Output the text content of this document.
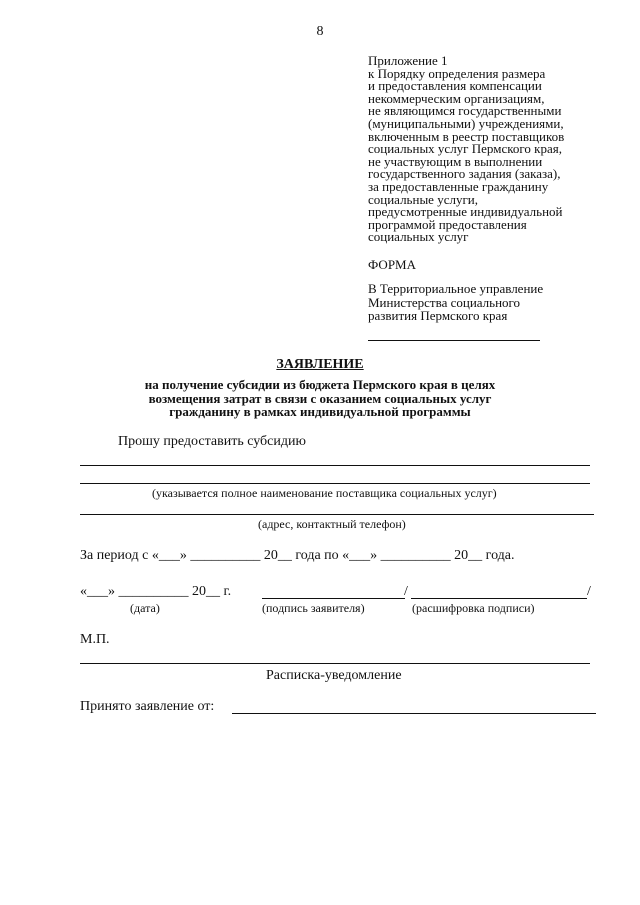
8
Приложение 1
к Порядку определения размера
и предоставления компенсации
некоммерческим организациям,
не являющимся государственными
(муниципальными) учреждениями,
включенным в реестр поставщиков
социальных услуг Пермского края,
не участвующим в выполнении
государственного задания (заказа),
за предоставленные гражданину
социальные услуги,
предусмотренные индивидуальной
программой предоставления
социальных услуг
ФОРМА
В Территориальное управление
Министерства социального
развития Пермского края
ЗАЯВЛЕНИЕ
на получение субсидии из бюджета Пермского края в целях
возмещения затрат в связи с оказанием социальных услуг
гражданину в рамках индивидуальной программы
Прошу предоставить субсидию
(указывается полное наименование поставщика социальных услуг)
(адрес, контактный телефон)
За период с «___» __________ 20__ года по «___» __________ 20__ года.
«___» __________ 20__ г.	/	/
(дата)	(подпись заявителя)	(расшифровка подписи)
М.П.
Расписка-уведомление
Принято заявление от:
